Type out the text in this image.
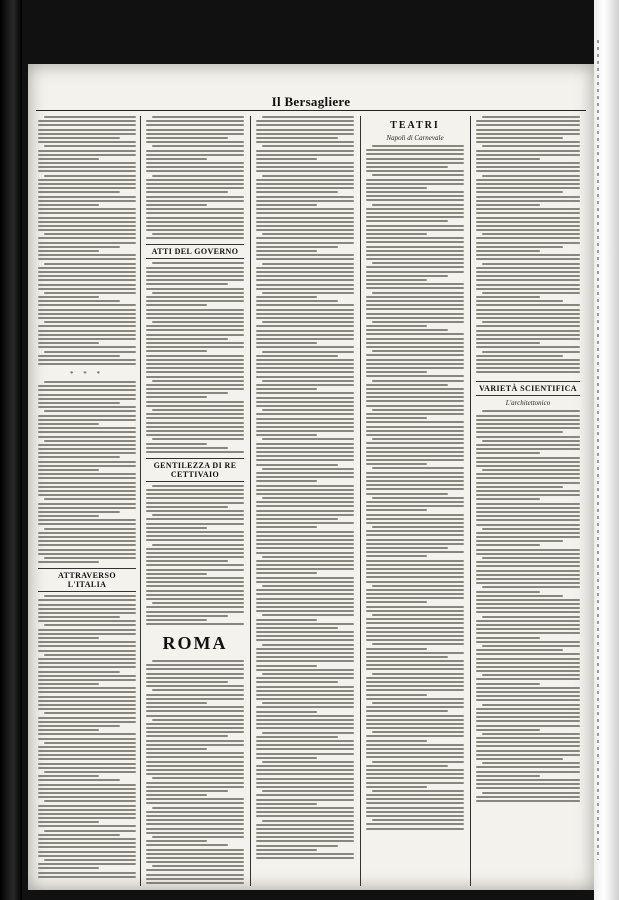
Il Bersagliere
* * *
ATTRAVERSO L'ITALIA
ATTI DEL GOVERNO
GENTILEZZA DI RE CETTIVAIO
ROMA
TEATRI
Napoli di Carnevale
VARIETÀ SCIENTIFICA
L'architettonico
